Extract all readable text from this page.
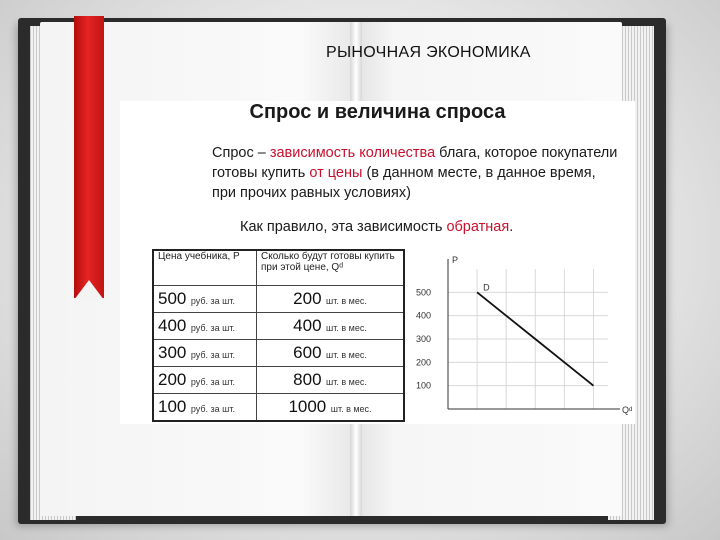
РЫНОЧНАЯ ЭКОНОМИКА
Спрос и величина спроса
Спрос – зависимость количества блага, которое покупатели готовы купить от цены (в данном месте, в данное время, при прочих равных условиях)
Как правило, эта зависимость обратная.
Цена учебника, P	Сколько будут готовы купить при этой цене, Qᵈ
500 руб. за шт.	200 шт. в мес.
400 руб. за шт.	400 шт. в мес.
300 руб. за шт.	600 шт. в мес.
200 руб. за шт.	800 шт. в мес.
100 руб. за шт.	1000 шт. в мес.
500
400
300
200
100
P
Qᵈ
D
